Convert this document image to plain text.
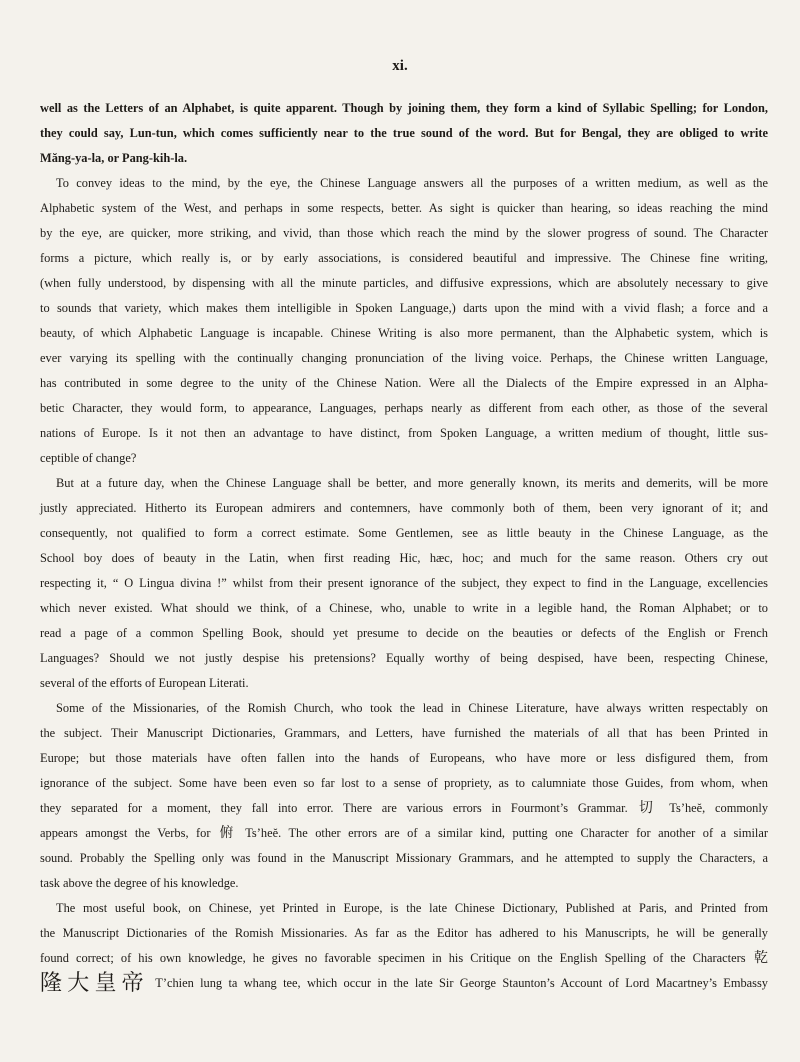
xi.

well as the Letters of an Alphabet, is quite apparent. Though by joining them, they form a kind of Syllabic Spelling; for London,

they could say, Lun-tun, which comes sufficiently near to the true sound of the word. But for Bengal, they are obliged to write

Măng-ya-la, or Pang-kih-la.

To convey ideas to the mind, by the eye, the Chinese Language answers all the purposes of a written medium, as well as the

Alphabetic system of the West, and perhaps in some respects, better. As sight is quicker than hearing, so ideas reaching the mind

by the eye, are quicker, more striking, and vivid, than those which reach the mind by the slower progress of sound. The Character

forms a picture, which really is, or by early associations, is considered beautiful and impressive. The Chinese fine writing,

(when fully understood, by dispensing with all the minute particles, and diffusive expressions, which are absolutely necessary to give

to sounds that variety, which makes them intelligible in Spoken Language,) darts upon the mind with a vivid flash; a force and a

beauty, of which Alphabetic Language is incapable. Chinese Writing is also more permanent, than the Alphabetic system, which is

ever varying its spelling with the continually changing pronunciation of the living voice. Perhaps, the Chinese written Language,

has contributed in some degree to the unity of the Chinese Nation. Were all the Dialects of the Empire expressed in an Alpha-

betic Character, they would form, to appearance, Languages, perhaps nearly as different from each other, as those of the several

nations of Europe. Is it not then an advantage to have distinct, from Spoken Language, a written medium of thought, little sus-

ceptible of change?

But at a future day, when the Chinese Language shall be better, and more generally known, its merits and demerits, will be more

justly appreciated. Hitherto its European admirers and contemners, have commonly both of them, been very ignorant of it; and

consequently, not qualified to form a correct estimate. Some Gentlemen, see as little beauty in the Chinese Language, as the

School boy does of beauty in the Latin, when first reading Hic, hæc, hoc; and much for the same reason. Others cry out

respecting it, “ O Lingua divina !” whilst from their present ignorance of the subject, they expect to find in the Language, excellencies

which never existed. What should we think, of a Chinese, who, unable to write in a legible hand, the Roman Alphabet; or to

read a page of a common Spelling Book, should yet presume to decide on the beauties or defects of the English or French

Languages? Should we not justly despise his pretensions? Equally worthy of being despised, have been, respecting Chinese,

several of the efforts of European Literati.

Some of the Missionaries, of the Romish Church, who took the lead in Chinese Literature, have always written respectably on

the subject. Their Manuscript Dictionaries, Grammars, and Letters, have furnished the materials of all that has been Printed in

Europe; but those materials have often fallen into the hands of Europeans, who have more or less disfigured them, from

ignorance of the subject. Some have been even so far lost to a sense of propriety, as to calumniate those Guides, from whom, when

they separated for a moment, they fall into error. There are various errors in Fourmont’s Grammar. 切 Ts’heĕ, commonly

appears amongst the Verbs, for 俯 Ts’heĕ. The other errors are of a similar kind, putting one Character for another of a similar

sound. Probably the Spelling only was found in the Manuscript Missionary Grammars, and he attempted to supply the Characters, a

task above the degree of his knowledge.

The most useful book, on Chinese, yet Printed in Europe, is the late Chinese Dictionary, Published at Paris, and Printed from

the Manuscript Dictionaries of the Romish Missionaries. As far as the Editor has adhered to his Manuscripts, he will be generally

found correct; of his own knowledge, he gives no favorable specimen in his Critique on the English Spelling of the Characters 乾

隆大皇帝 T’chien lung ta whang tee, which occur in the late Sir George Staunton’s Account of Lord Macartney’s Embassy
